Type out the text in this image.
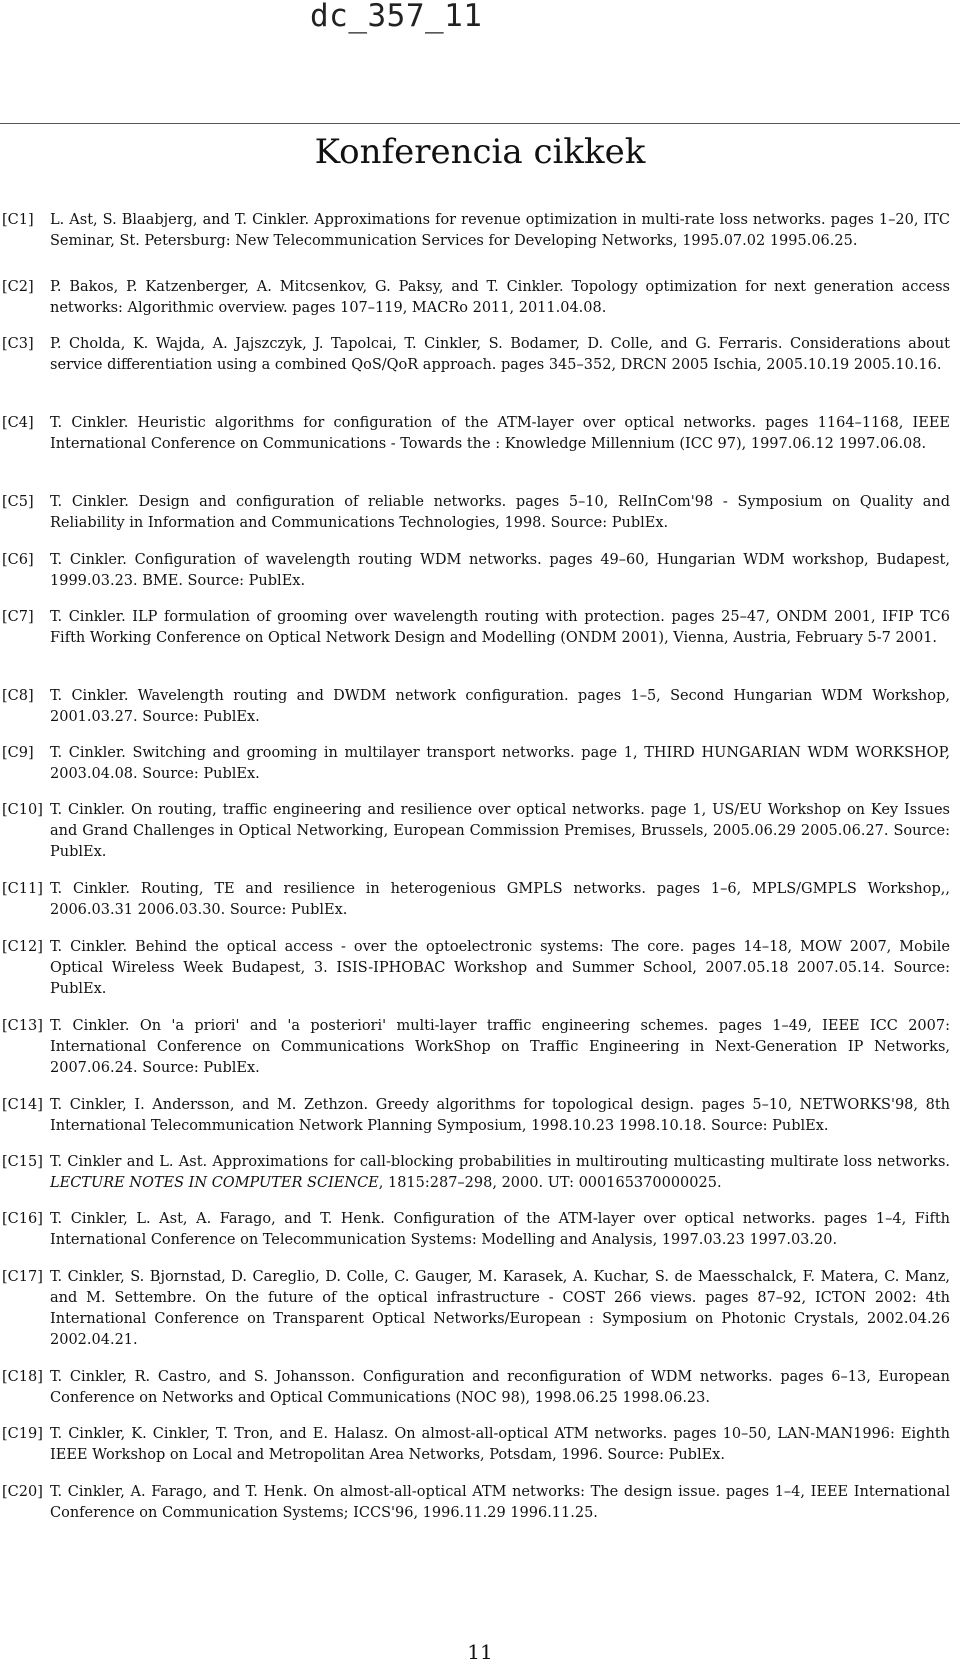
dc_357_11
Konferencia cikkek
[C1] L. Ast, S. Blaabjerg, and T. Cinkler. Approximations for revenue optimization in multi-rate loss networks. pages 1–20, ITC Seminar, St. Petersburg: New Telecommunication Services for Developing Networks, 1995.07.02 1995.06.25.
[C2] P. Bakos, P. Katzenberger, A. Mitcsenkov, G. Paksy, and T. Cinkler. Topology optimization for next generation access networks: Algorithmic overview. pages 107–119, MACRo 2011, 2011.04.08.
[C3] P. Cholda, K. Wajda, A. Jajszczyk, J. Tapolcai, T. Cinkler, S. Bodamer, D. Colle, and G. Ferraris. Considerations about service differentiation using a combined QoS/QoR approach. pages 345–352, DRCN 2005 Ischia, 2005.10.19 2005.10.16.
[C4] T. Cinkler. Heuristic algorithms for configuration of the ATM-layer over optical networks. pages 1164–1168, IEEE International Conference on Communications - Towards the : Knowledge Millennium (ICC 97), 1997.06.12 1997.06.08.
[C5] T. Cinkler. Design and configuration of reliable networks. pages 5–10, RelInCom'98 - Symposium on Quality and Reliability in Information and Communications Technologies, 1998. Source: PublEx.
[C6] T. Cinkler. Configuration of wavelength routing WDM networks. pages 49–60, Hungarian WDM workshop, Budapest, 1999.03.23. BME. Source: PublEx.
[C7] T. Cinkler. ILP formulation of grooming over wavelength routing with protection. pages 25–47, ONDM 2001, IFIP TC6 Fifth Working Conference on Optical Network Design and Modelling (ONDM 2001), Vienna, Austria, February 5-7 2001.
[C8] T. Cinkler. Wavelength routing and DWDM network configuration. pages 1–5, Second Hungarian WDM Workshop, 2001.03.27. Source: PublEx.
[C9] T. Cinkler. Switching and grooming in multilayer transport networks. page 1, THIRD HUNGARIAN WDM WORKSHOP, 2003.04.08. Source: PublEx.
[C10] T. Cinkler. On routing, traffic engineering and resilience over optical networks. page 1, US/EU Workshop on Key Issues and Grand Challenges in Optical Networking, European Commission Premises, Brussels, 2005.06.29 2005.06.27. Source: PublEx.
[C11] T. Cinkler. Routing, TE and resilience in heterogenious GMPLS networks. pages 1–6, MPLS/GMPLS Workshop,, 2006.03.31 2006.03.30. Source: PublEx.
[C12] T. Cinkler. Behind the optical access - over the optoelectronic systems: The core. pages 14–18, MOW 2007, Mobile Optical Wireless Week Budapest, 3. ISIS-IPHOBAC Workshop and Summer School, 2007.05.18 2007.05.14. Source: PublEx.
[C13] T. Cinkler. On 'a priori' and 'a posteriori' multi-layer traffic engineering schemes. pages 1–49, IEEE ICC 2007: International Conference on Communications WorkShop on Traffic Engineering in Next-Generation IP Networks, 2007.06.24. Source: PublEx.
[C14] T. Cinkler, I. Andersson, and M. Zethzon. Greedy algorithms for topological design. pages 5–10, NETWORKS'98, 8th International Telecommunication Network Planning Symposium, 1998.10.23 1998.10.18. Source: PublEx.
[C15] T. Cinkler and L. Ast. Approximations for call-blocking probabilities in multirouting multicasting multirate loss networks. LECTURE NOTES IN COMPUTER SCIENCE, 1815:287–298, 2000. UT: 000165370000025.
[C16] T. Cinkler, L. Ast, A. Farago, and T. Henk. Configuration of the ATM-layer over optical networks. pages 1–4, Fifth International Conference on Telecommunication Systems: Modelling and Analysis, 1997.03.23 1997.03.20.
[C17] T. Cinkler, S. Bjornstad, D. Careglio, D. Colle, C. Gauger, M. Karasek, A. Kuchar, S. de Maesschalck, F. Matera, C. Manz, and M. Settembre. On the future of the optical infrastructure - COST 266 views. pages 87–92, ICTON 2002: 4th International Conference on Transparent Optical Networks/European : Symposium on Photonic Crystals, 2002.04.26 2002.04.21.
[C18] T. Cinkler, R. Castro, and S. Johansson. Configuration and reconfiguration of WDM networks. pages 6–13, European Conference on Networks and Optical Communications (NOC 98), 1998.06.25 1998.06.23.
[C19] T. Cinkler, K. Cinkler, T. Tron, and E. Halasz. On almost-all-optical ATM networks. pages 10–50, LAN-MAN1996: Eighth IEEE Workshop on Local and Metropolitan Area Networks, Potsdam, 1996. Source: PublEx.
[C20] T. Cinkler, A. Farago, and T. Henk. On almost-all-optical ATM networks: The design issue. pages 1–4, IEEE International Conference on Communication Systems; ICCS'96, 1996.11.29 1996.11.25.
11
